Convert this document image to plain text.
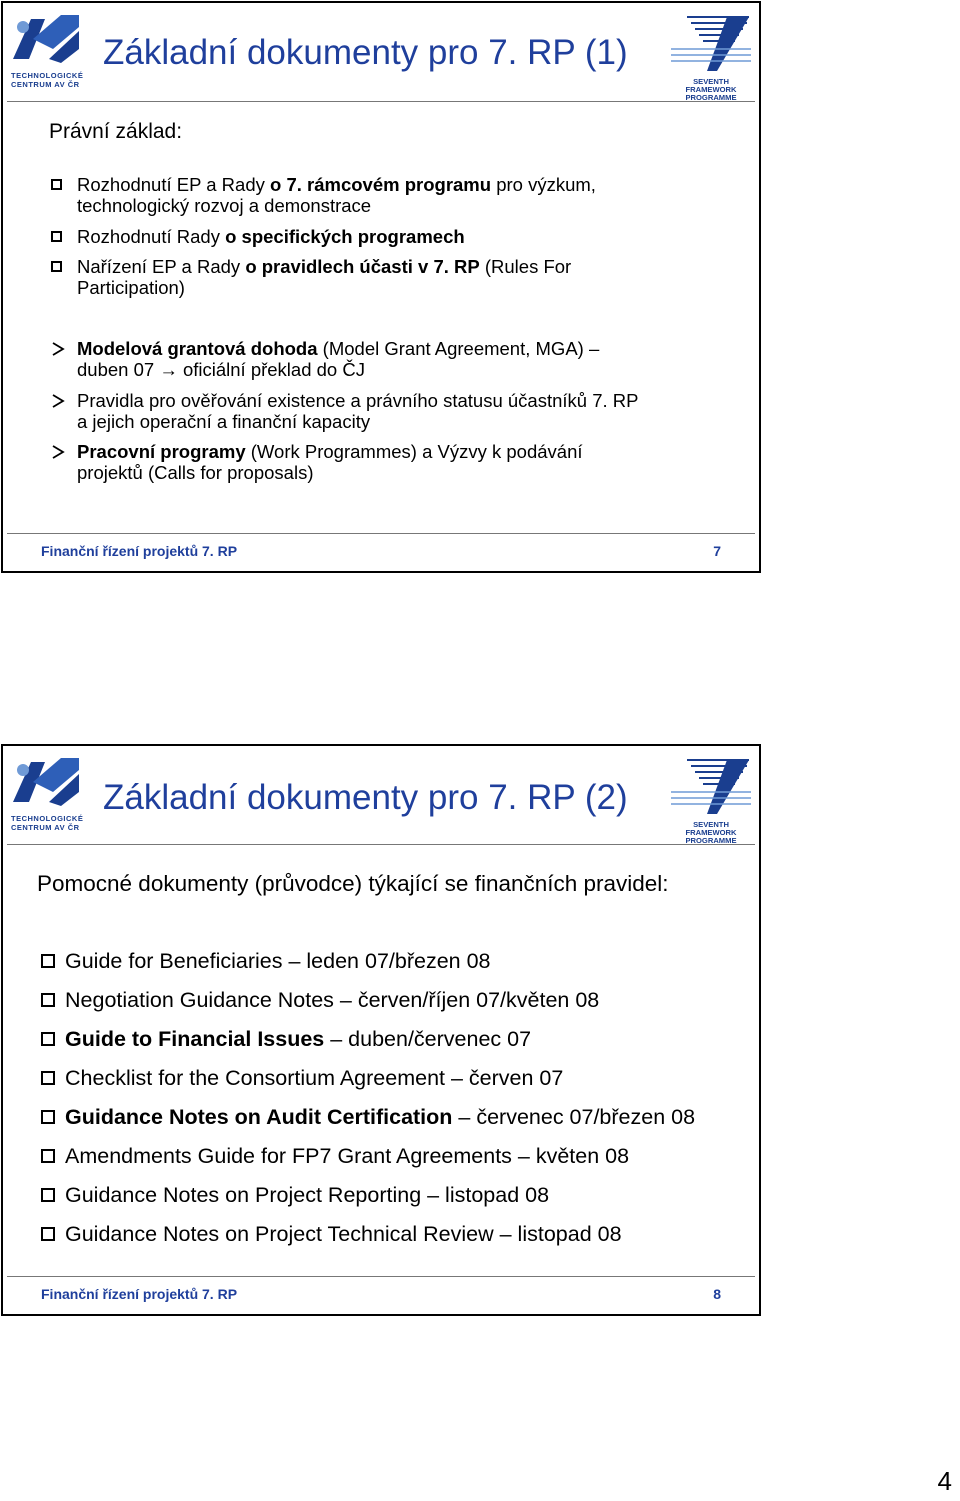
TECHNOLOGICKÉ
CENTRUM AV ČR
Základní dokumenty pro 7. RP (1)
SEVENTH FRAMEWORK
PROGRAMME
Právní základ:
Rozhodnutí EP a Rady o 7. rámcovém programu pro výzkum,
technologický rozvoj a demonstrace
Rozhodnutí Rady o specifických programech
Nařízení EP a Rady o pravidlech účasti v 7. RP (Rules For
Participation)
Modelová grantová dohoda (Model Grant Agreement, MGA) –
duben 07 → oficiální překlad do ČJ
Pravidla pro ověřování existence a právního statusu účastníků 7. RP
a jejich operační a finanční kapacity
Pracovní programy (Work Programmes) a Výzvy k podávání
projektů (Calls for proposals)
Finanční řízení projektů 7. RP	7
TECHNOLOGICKÉ
CENTRUM AV ČR
Základní dokumenty pro 7. RP (2)
SEVENTH FRAMEWORK
PROGRAMME
Pomocné dokumenty (průvodce) týkající se finančních pravidel:
Guide for Beneficiaries – leden 07/březen 08
Negotiation Guidance Notes – červen/říjen 07/květen 08
Guide to Financial Issues – duben/červenec 07
Checklist for the Consortium Agreement – červen 07
Guidance Notes on Audit Certification – červenec 07/březen 08
Amendments Guide for FP7 Grant Agreements – květen 08
Guidance Notes on Project Reporting – listopad 08
Guidance Notes on Project Technical Review – listopad 08
Finanční řízení projektů 7. RP	8
4
